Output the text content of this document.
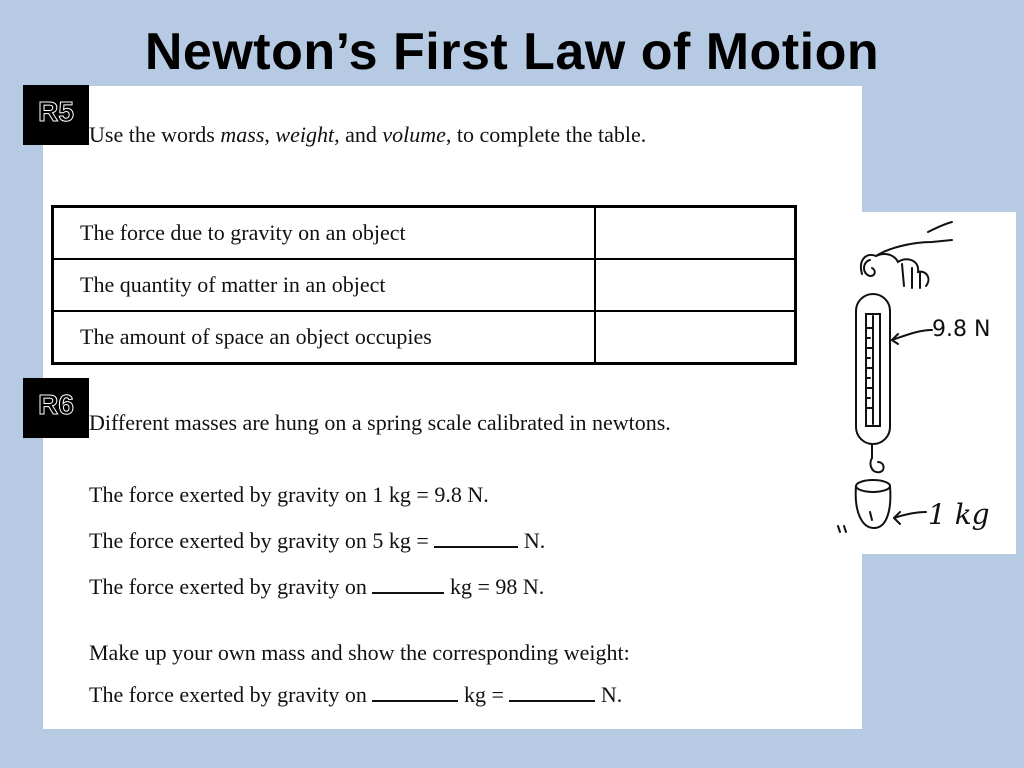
Newton’s First Law of Motion
R5
Use the words mass, weight, and volume, to complete the table.
The force due to gravity on an object	
The quantity of matter in an object	
The amount of space an object occupies	
R6
Different masses are hung on a spring scale calibrated in newtons.
The force exerted by gravity on 1 kg = 9.8 N.
The force exerted by gravity on 5 kg =	N.
The force exerted by gravity on	kg = 98 N.
Make up your own mass and show the corresponding weight:
The force exerted by gravity on	kg =	N.
9.8 N
1 kg
